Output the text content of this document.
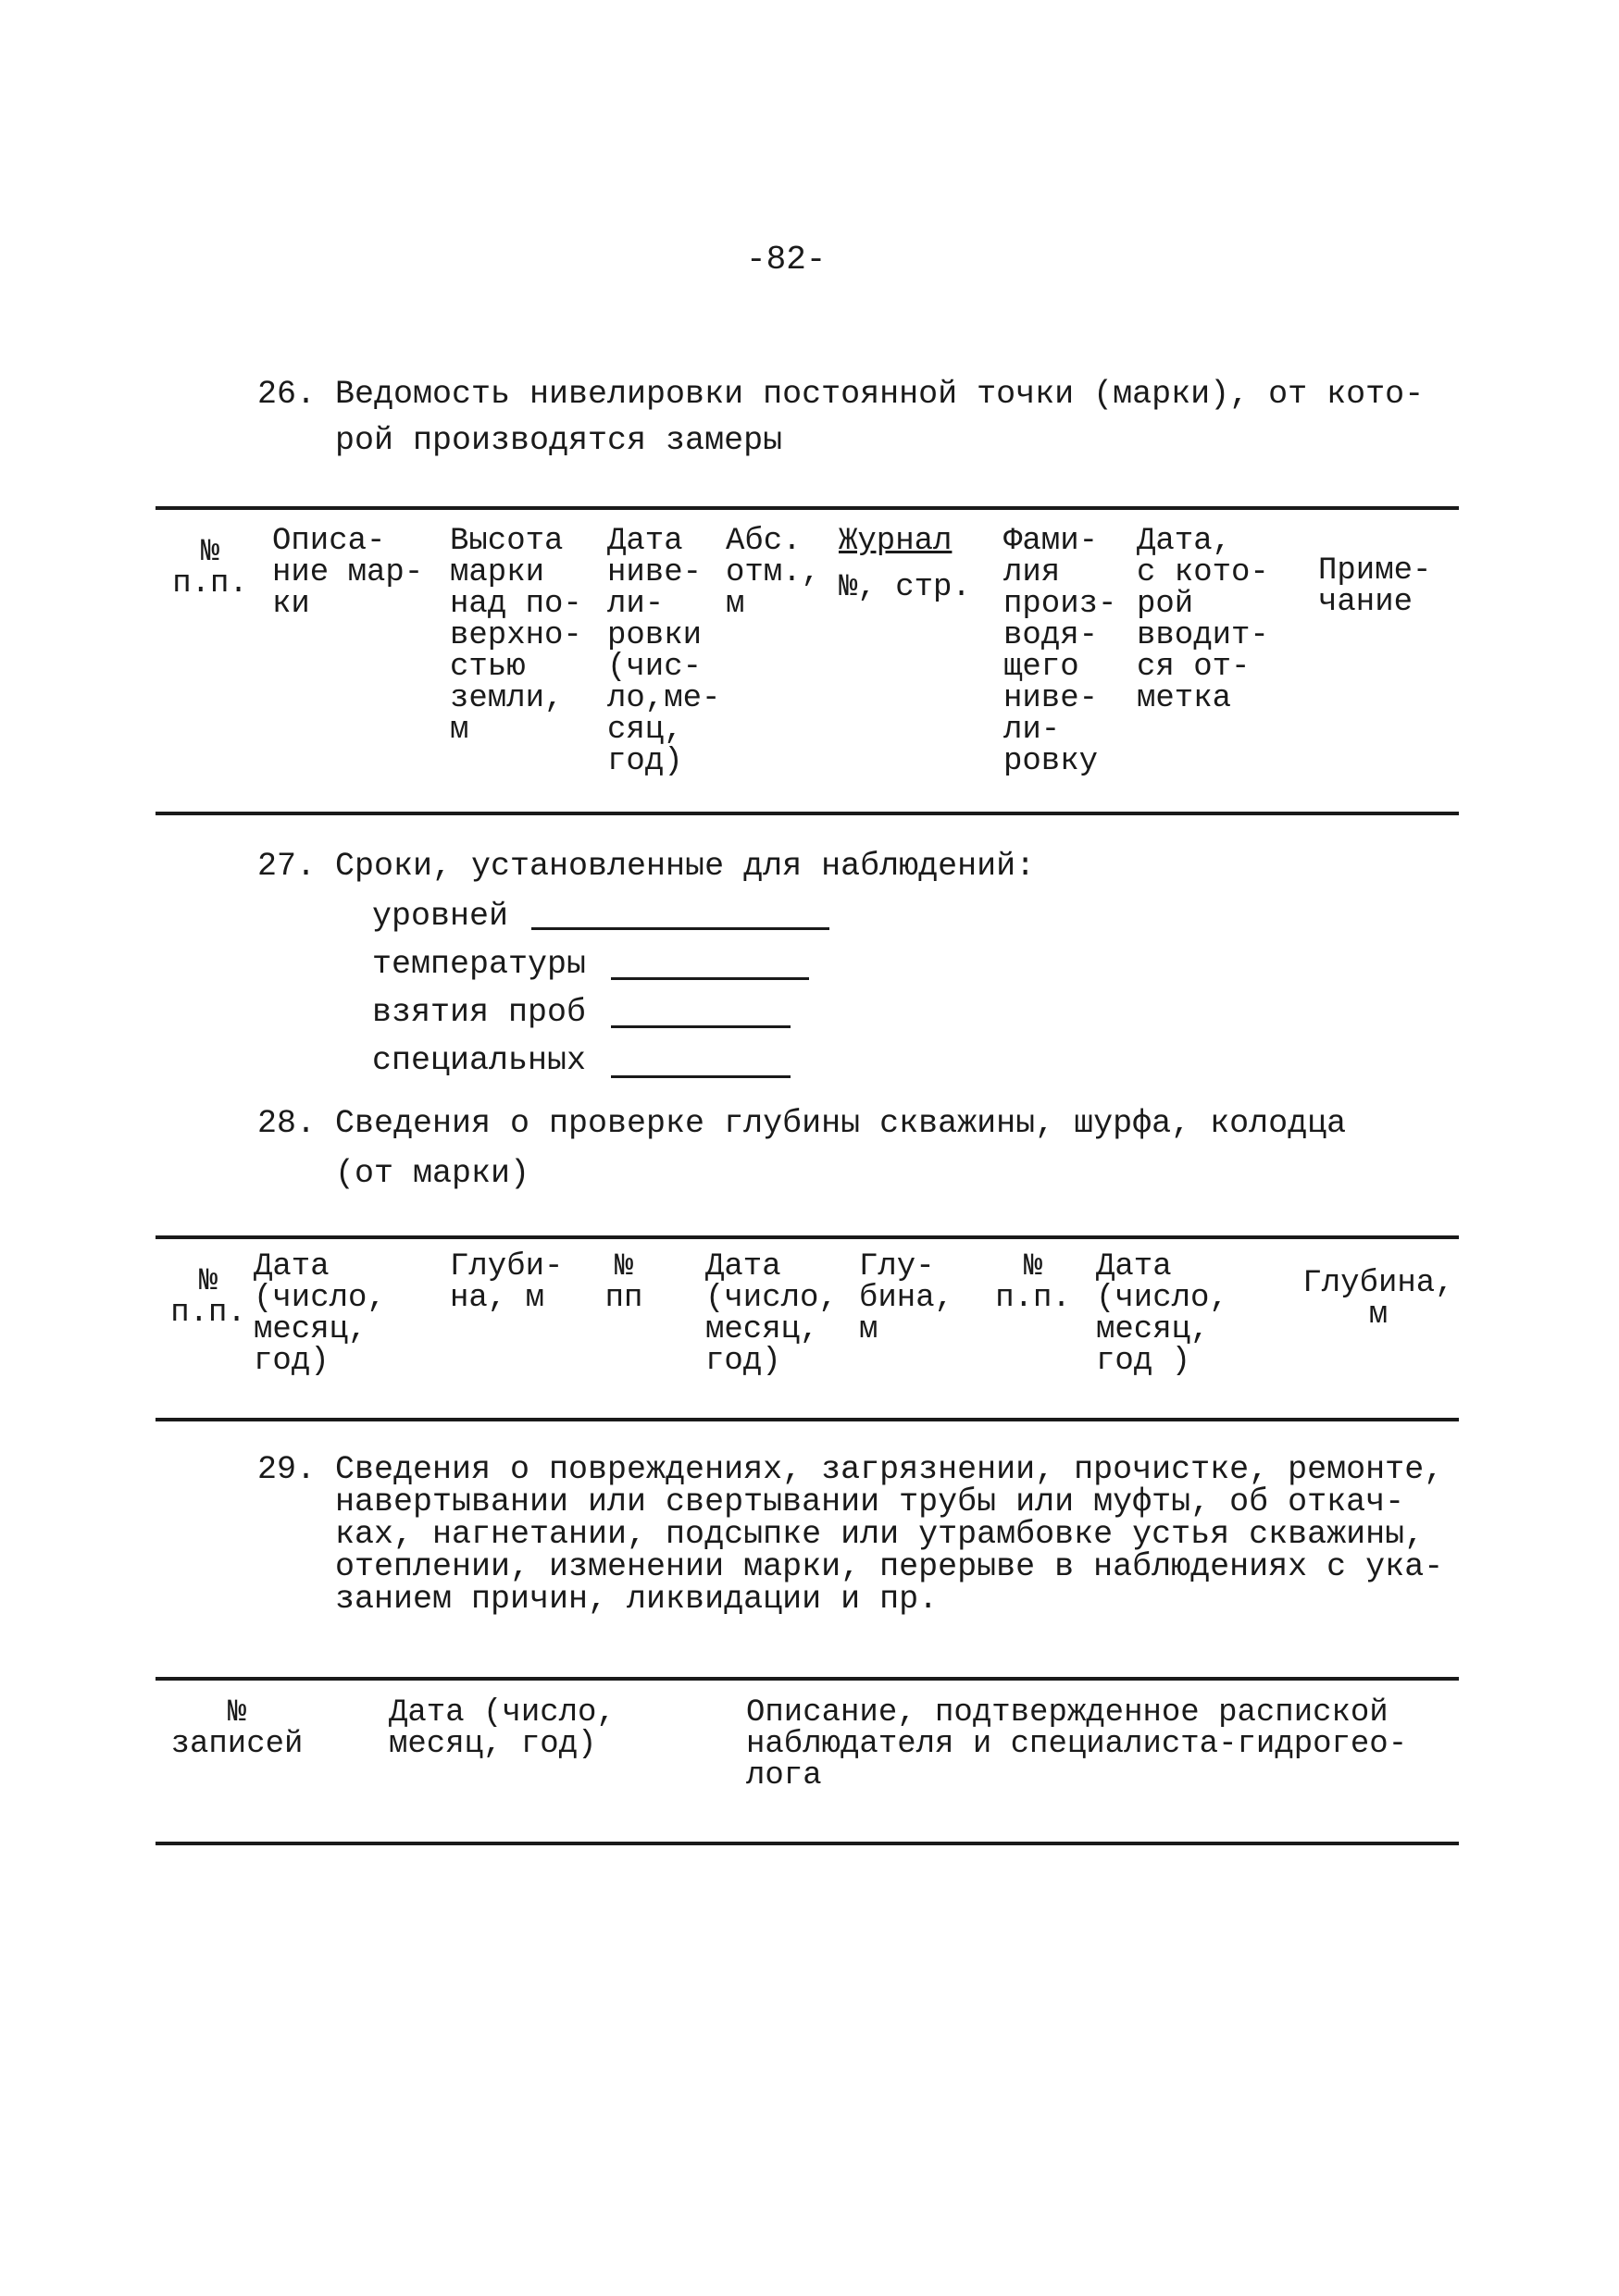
-82-
26. Ведомость нивелировки постоянной точки (марки), от кото-
рой производятся замеры
№
п.п.
Описа-
ние мар-
ки
Высота
марки
над по-
верхно-
стью
земли,
м
Дата
ниве-
ли-
ровки
(чис-
ло,ме-
сяц,
год)
Абс.
отм.,
м
Журнал
№, стр.
Фами-
лия
произ-
водя-
щего
ниве-
ли-
ровку
Дата,
с кото-
рой
вводит-
ся от-
метка
Приме-
чание
27. Сроки, установленные для наблюдений:
уровней
температуры
взятия проб
специальных
28. Сведения о проверке глубины скважины, шурфа, колодца
(от марки)
№
п.п.
Дата
(число,
месяц,
год)
Глуби-
на, м
№
пп
Дата
(число,
месяц,
год)
Глу-
бина,
м
№
п.п.
Дата
(число,
месяц,
год )
Глубина,
м
29. Сведения о повреждениях, загрязнении, прочистке, ремонте,
навертывании или свертывании трубы или муфты, об откач-
ках, нагнетании, подсыпке или утрамбовке устья скважины,
отеплении, изменении марки, перерыве в наблюдениях с ука-
занием причин, ликвидации и пр.
№
записей
Дата (число,
месяц, год)
Описание, подтвержденное распиской
наблюдателя и специалиста-гидрогео-
лога
